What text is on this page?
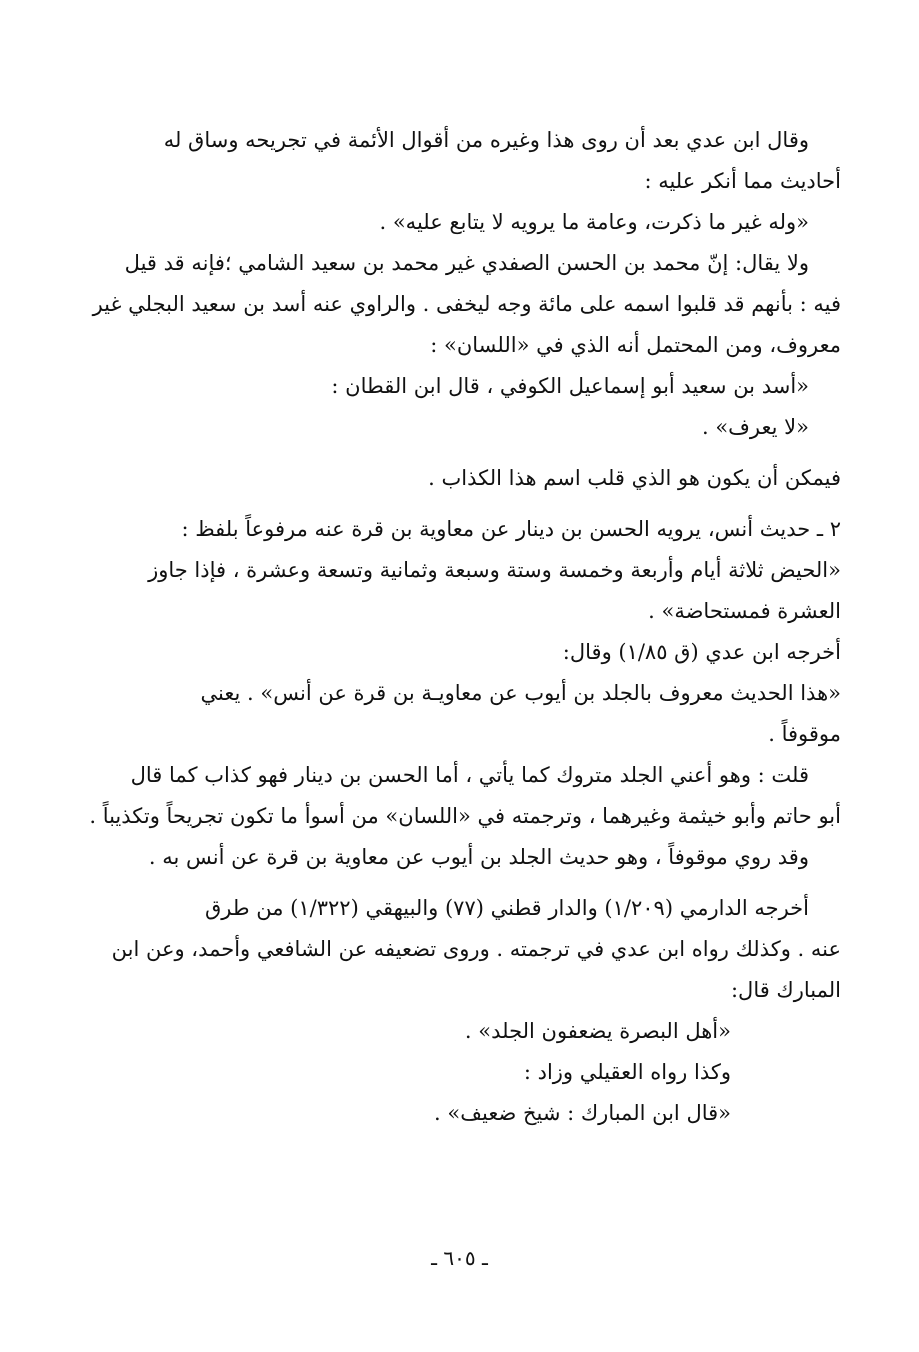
وقال ابن عدي بعد أن روى هذا وغيره من أقوال الأئمة في تجريحه وساق له
أحاديث مما أنكر عليه :
«وله غير ما ذكرت، وعامة ما يرويه لا يتابع عليه» .
ولا يقال: إنّ محمد بن الحسن الصفدي غير محمد بن سعيد الشامي ؛فإنه قد قيل
فيه : بأنهم قد قلبوا اسمه على مائة وجه ليخفى . والراوي عنه أسد بن سعيد البجلي غير
معروف، ومن المحتمل أنه الذي في «اللسان» :
«أسد بن سعيد أبو إسماعيل الكوفي ، قال ابن القطان :
«لا يعرف» .
فيمكن أن يكون هو الذي قلب اسم هذا الكذاب .
٢ ـ حديث أنس، يرويه الحسن بن دينار عن معاوية بن قرة عنه مرفوعاً بلفظ :
«الحيض ثلاثة أيام وأربعة وخمسة وستة وسبعة وثمانية وتسعة وعشرة ، فإذا جاوز
العشرة فمستحاضة» .
أخرجه ابن عدي (ق ١/٨٥) وقال:
«هذا الحديث معروف بالجلد بن أيوب عن معاويـة بن قرة عن أنس» . يعني
موقوفاً .
قلت : وهو أعني الجلد متروك كما يأتي ، أما الحسن بن دينار فهو كذاب كما قال
أبو حاتم وأبو خيثمة وغيرهما ، وترجمته في «اللسان» من أسوأ ما تكون تجريحاً وتكذيباً .
وقد روي موقوفاً ، وهو حديث الجلد بن أيوب عن معاوية بن قرة عن أنس به .
أخرجه الدارمي (١/٢٠٩) والدار قطني (٧٧) والبيهقي (١/٣٢٢) من طرق
عنه . وكذلك رواه ابن عدي في ترجمته . وروى تضعيفه عن الشافعي وأحمد، وعن ابن
المبارك قال:
«أهل البصرة يضعفون الجلد» .
وكذا رواه العقيلي وزاد :
«قال ابن المبارك : شيخ ضعيف» .
ـ ٦٠٥ ـ
